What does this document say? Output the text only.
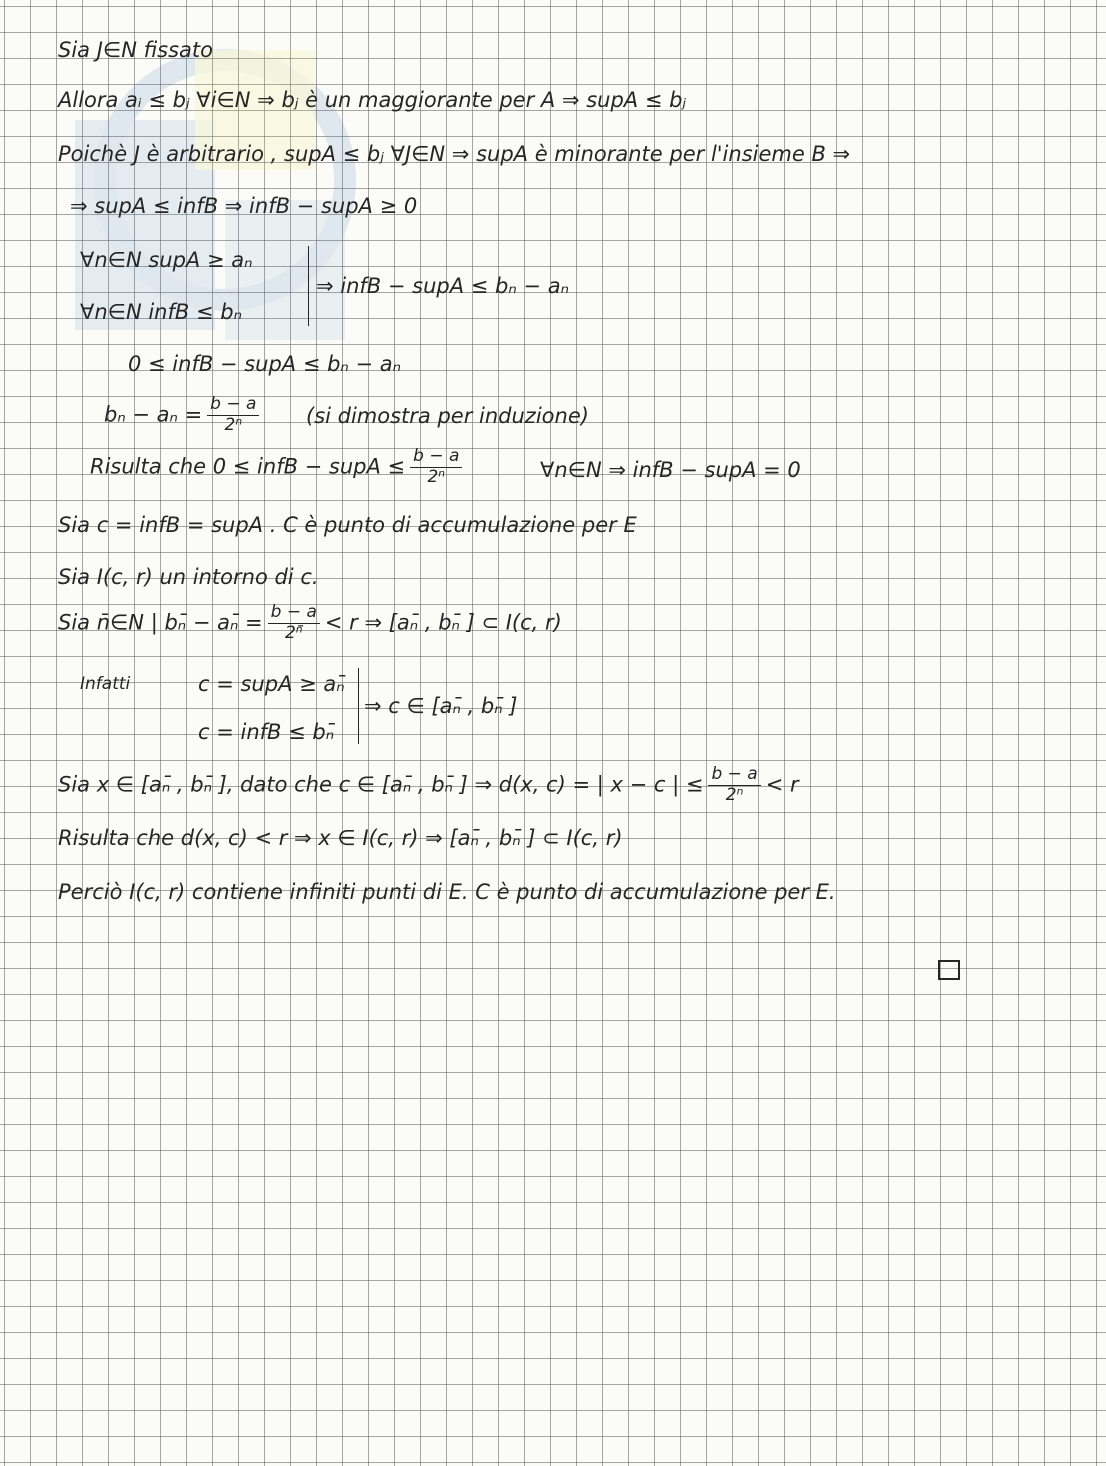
Sia J∈N fissato
Allora aᵢ ≤ bⱼ ∀i∈N ⇒ bⱼ è un maggiorante per A ⇒ supA ≤ bⱼ
Poichè J è arbitrario , supA ≤ bⱼ ∀J∈N ⇒ supA è minorante per l'insieme B ⇒
⇒ supA ≤ infB ⇒ infB − supA ≥ 0
∀n∈N supA ≥ aₙ
∀n∈N infB ≤ bₙ
⇒ infB − supA ≤ bₙ − aₙ
0 ≤ infB − supA ≤ bₙ − aₙ
$b_n - a_n = \frac{b - a}{\text{2ⁿ}} (si$ dimostra per induzione)
Risulta che 0 ≤ infB − supA ≤ $\frac{b - a}{\text{2ⁿ}}$	∀n∈N ⇒ infB − supA = 0
Sia c = infB = supA . C è punto di accumulazione per E
Sia I(c, r) un intorno di c.
Sia n̄∈N | bₙ̄ − aₙ̄ = $\frac{b - a}{\text{2ⁿ̄}} < r$ ⇒ [aₙ̄ , bₙ̄ ] ⊂ I(c, r)
Infatti	c = supA ≥ aₙ̄
c = infB ≤ bₙ̄
⇒ c ∈ [aₙ̄ , bₙ̄ ]
Sia x ∈ [aₙ̄ , bₙ̄ ], dato che c ∈ [aₙ̄ , bₙ̄ ] ⇒ d(x, c) = | x − c | ≤ $\frac{b - a}{\text{2ⁿ}} < r$
Risulta che d(x, c) < r ⇒ x ∈ I(c, r) ⇒ [aₙ̄ , bₙ̄ ] ⊂ I(c, r)
Perciò I(c, r) contiene infiniti punti di E. C è punto di accumulazione per E.
